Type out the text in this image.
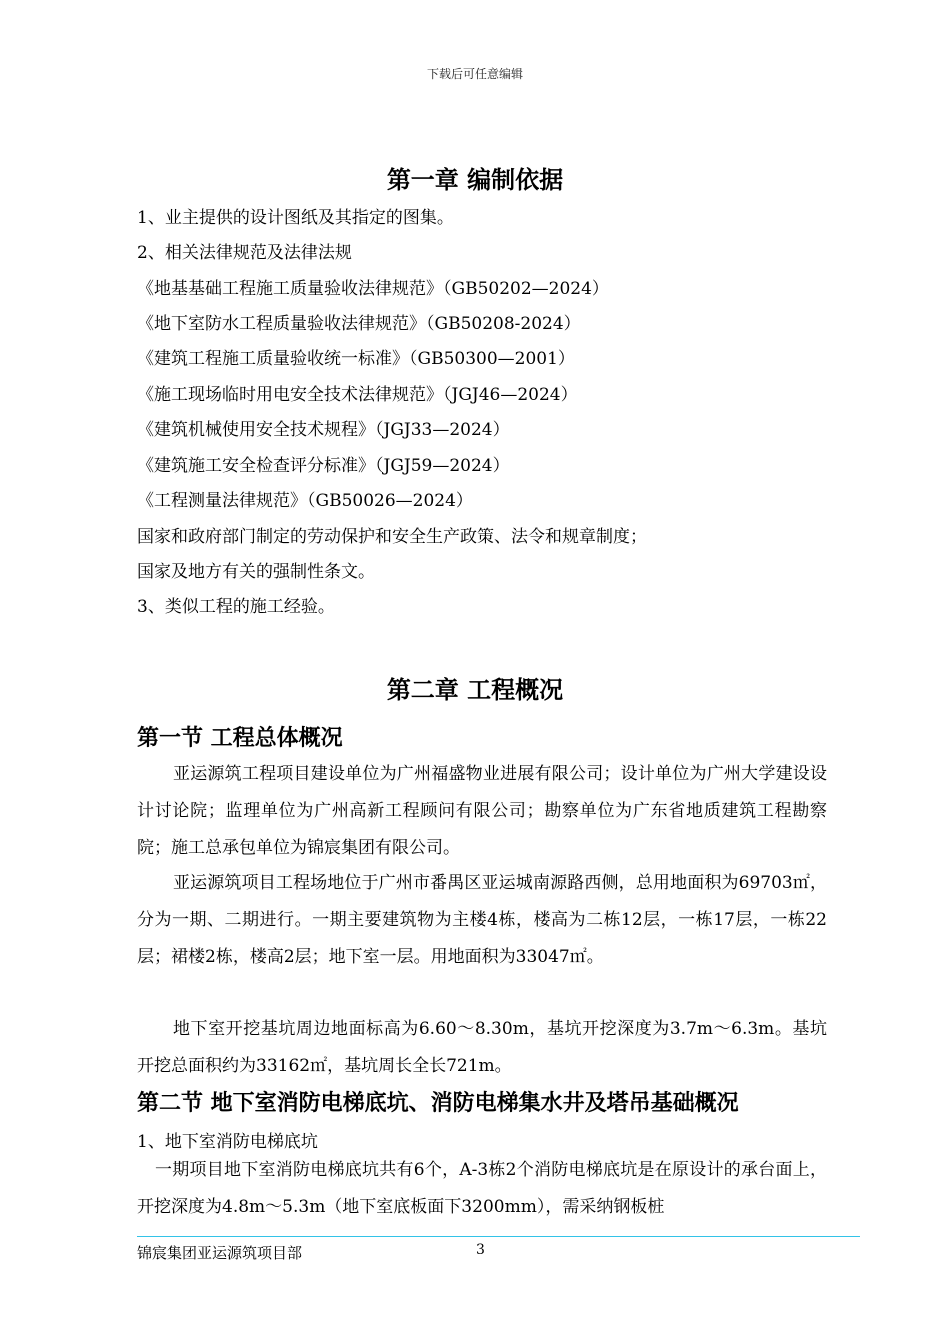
下载后可任意编辑
第一章 编制依据

1、业主提供的设计图纸及其指定的图集。

2、相关法律规范及法律法规

《地基基础工程施工质量验收法律规范》（GB50202—2024）

《地下室防水工程质量验收法律规范》（GB50208-2024）

《建筑工程施工质量验收统一标准》（GB50300—2001）

《施工现场临时用电安全技术法律规范》（JGJ46—2024）

《建筑机械使用安全技术规程》（JGJ33—2024）

《建筑施工安全检查评分标准》（JGJ59—2024）

《工程测量法律规范》（GB50026—2024）

国家和政府部门制定的劳动保护和安全生产政策、法令和规章制度；

国家及地方有关的强制性条文。

3、类似工程的施工经验。

第二章 工程概况
第一节 工程总体概况

亚运源筑工程项目建设单位为广州福盛物业进展有限公司；设计单位为广州大学建设设计讨论院；监理单位为广州高新工程顾问有限公司；勘察单位为广东省地质建筑工程勘察院；施工总承包单位为锦宸集团有限公司。

亚运源筑项目工程场地位于广州市番禺区亚运城南源路西侧，总用地面积为69703㎡，分为一期、二期进行。一期主要建筑物为主楼4栋，楼高为二栋12层，一栋17层，一栋22层；裙楼2栋，楼高2层；地下室一层。用地面积为33047㎡。

地下室开挖基坑周边地面标高为6.60～8.30m，基坑开挖深度为3.7m～6.3m。基坑开挖总面积约为33162㎡，基坑周长全长721m。

第二节 地下室消防电梯底坑、消防电梯集水井及塔吊基础概况

1、地下室消防电梯底坑

一期项目地下室消防电梯底坑共有6个，A-3栋2个消防电梯底坑是在原设计的承台面上，开挖深度为4.8m～5.3m（地下室底板面下3200mm），需采纳钢板桩

锦宸集团亚运源筑项目部	3
